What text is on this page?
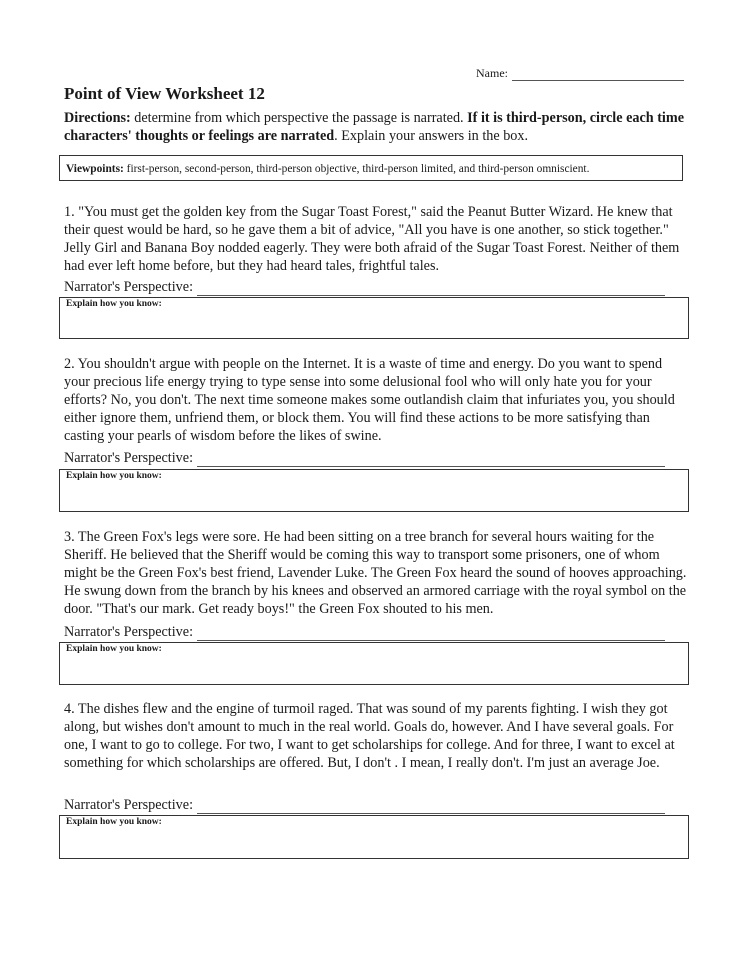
Name:
Point of View Worksheet 12

Directions: determine from which perspective the passage is narrated. If it is third-person, circle each time characters' thoughts or feelings are narrated. Explain your answers in the box.

Viewpoints: first-person, second-person, third-person objective, third-person limited, and third-person omniscient.

1. "You must get the golden key from the Sugar Toast Forest," said the Peanut Butter Wizard. He knew that their quest would be hard, so he gave them a bit of advice, "All you have is one another, so stick together." Jelly Girl and Banana Boy nodded eagerly. They were both afraid of the Sugar Toast Forest. Neither of them had ever left home before, but they had heard tales, frightful tales.

Narrator's Perspective:
Explain how you know:

2. You shouldn't argue with people on the Internet. It is a waste of time and energy. Do you want to spend your precious life energy trying to type sense into some delusional fool who will only hate you for your efforts? No, you don't. The next time someone makes some outlandish claim that infuriates you, you should either ignore them, unfriend them, or block them. You will find these actions to be more satisfying than casting your pearls of wisdom before the likes of swine.

Narrator's Perspective:
Explain how you know:

3. The Green Fox's legs were sore. He had been sitting on a tree branch for several hours waiting for the Sheriff. He believed that the Sheriff would be coming this way to transport some prisoners, one of whom might be the Green Fox's best friend, Lavender Luke. The Green Fox heard the sound of hooves approaching. He swung down from the branch by his knees and observed an armored carriage with the royal symbol on the door. "That's our mark. Get ready boys!" the Green Fox shouted to his men.

Narrator's Perspective:
Explain how you know:

4. The dishes flew and the engine of turmoil raged. That was sound of my parents fighting. I wish they got along, but wishes don't amount to much in the real world. Goals do, however. And I have several goals. For one, I want to go to college. For two, I want to get scholarships for college. And for three, I want to excel at something for which scholarships are offered. But, I don't . I mean, I really don't. I'm just an average Joe.

Narrator's Perspective:
Explain how you know:
